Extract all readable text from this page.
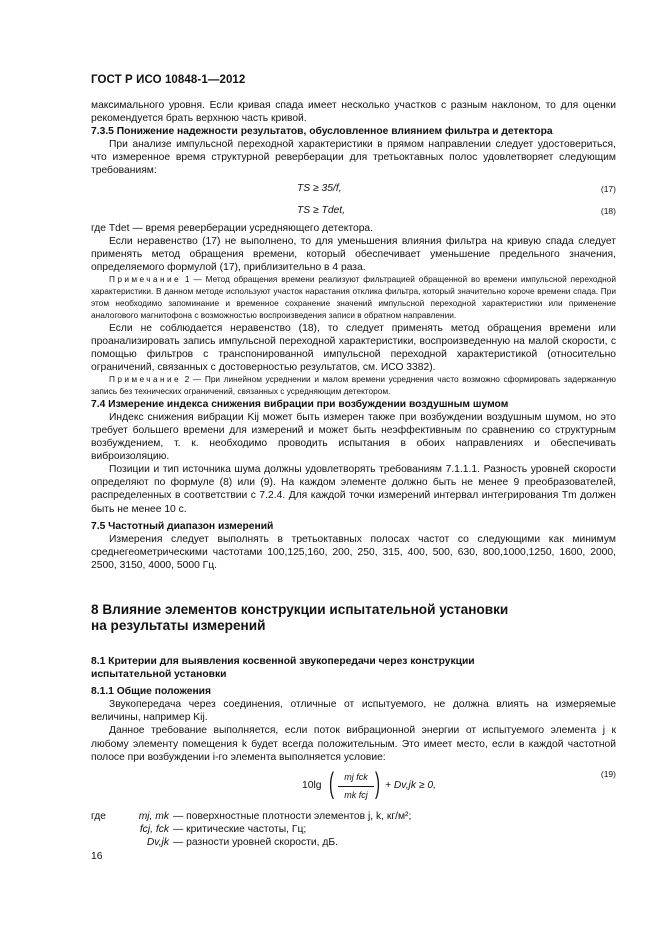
ГОСТ Р ИСО 10848-1—2012

максимального уровня. Если кривая спада имеет несколько участков с разным наклоном, то для оценки рекомендуется брать верхнюю часть кривой.

7.3.5 Понижение надежности результатов, обусловленное влиянием фильтра и детектора

При анализе импульсной переходной характеристики в прямом направлении следует удостовериться, что измеренное время структурной реверберации для третьоктавных полос удовлетворяет следующим требованиям:

TS ≥ 35/f,	(17)
TS ≥ Tdet,	(18)

где Tdet — время реверберации усредняющего детектора.

Если неравенство (17) не выполнено, то для уменьшения влияния фильтра на кривую спада следует применять метод обращения времени, который обеспечивает уменьшение предельного значения, определяемого формулой (17), приблизительно в 4 раза.

Примечание 1 — Метод обращения времени реализуют фильтрацией обращенной во времени импульсной переходной характеристики. В данном методе используют участок нарастания отклика фильтра, который значительно короче времени спада. При этом необходимо запоминание и временное сохранение значений импульсной переходной характеристики или применение аналогового магнитофона с возможностью воспроизведения записи в обратном направлении.

Если не соблюдается неравенство (18), то следует применять метод обращения времени или проанализировать запись импульсной переходной характеристики, воспроизведенную на малой скорости, с помощью фильтров с транспонированной импульсной переходной характеристикой (относительно ограничений, связанных с достоверностью результатов, см. ИСО 3382).

Примечание 2 — При линейном усреднении и малом времени усреднения часто возможно сформировать задержанную запись без технических ограничений, связанных с усредняющим детектором.

7.4 Измерение индекса снижения вибрации при возбуждении воздушным шумом

Индекс снижения вибрации Kij может быть измерен также при возбуждении воздушным шумом, но это требует большего времени для измерений и может быть неэффективным по сравнению со структурным возбуждением, т. к. необходимо проводить испытания в обоих направлениях и обеспечивать виброизоляцию.

Позиции и тип источника шума должны удовлетворять требованиям 7.1.1.1. Разность уровней скорости определяют по формуле (8) или (9). На каждом элементе должно быть не менее 9 преобразователей, распределенных в соответствии с 7.2.4. Для каждой точки измерений интервал интегрирования Tm должен быть не менее 10 с.

7.5 Частотный диапазон измерений

Измерения следует выполнять в третьоктавных полосах частот со следующими как минимум среднегеометрическими частотами 100,125,160, 200, 250, 315, 400, 500, 630, 800,1000,1250, 1600, 2000, 2500, 3150, 4000, 5000 Гц.

8 Влияние элементов конструкции испытательной установки
на результаты измерений
8.1 Критерии для выявления косвенной звукопередачи через конструкции
испытательной установки

8.1.1 Общие положения

Звукопередача через соединения, отличные от испытуемого, не должна влиять на измеряемые величины, например Kij.

Данное требование выполняется, если поток вибрационной энергии от испытуемого элемента j к любому элементу помещения k будет всегда положительным. Это имеет место, если в каждой частотной полосе при возбуждении i-го элемента выполняется условие:

10lg (	mj fck
mk fcj ) + Dv,jk ≥ 0,
(19)
где	mj, mk — поверхностные плотности элементов j, k, кг/м²;
fcj, fck — критические частоты, Гц;
Dv,jk — разности уровней скорости, дБ.
16
